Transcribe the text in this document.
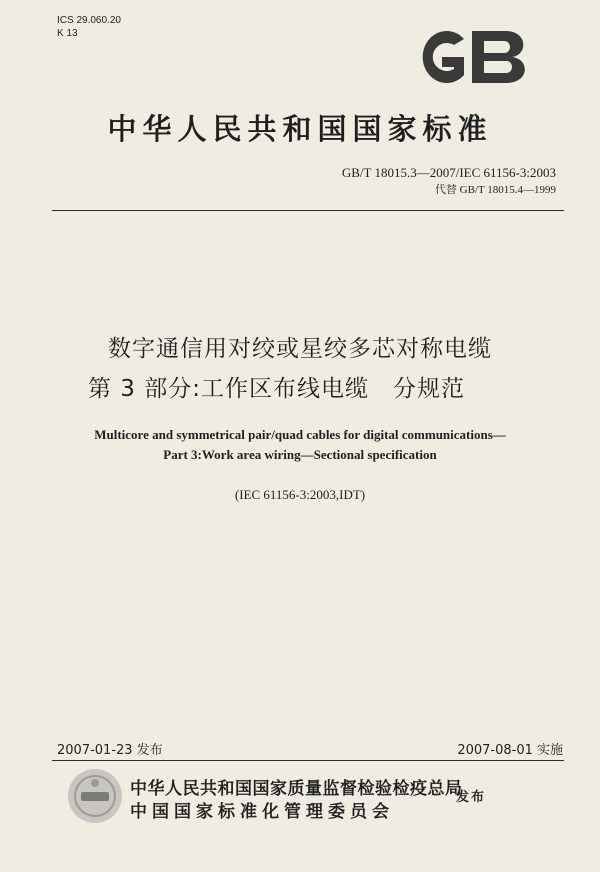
ICS 29.060.20
K 13
中华人民共和国国家标准
GB/T 18015.3—2007/IEC 61156-3:2003
代替 GB/T 18015.4—1999
数字通信用对绞或星绞多芯对称电缆
第 3 部分:工作区布线电缆　分规范
Multicore and symmetrical pair/quad cables for digital communications—
Part 3:Work area wiring—Sectional specification
(IEC 61156-3:2003,IDT)
2007-01-23 发布	2007-08-01 实施
中华人民共和国国家质量监督检验检疫总局
中国国家标准化管理委员会
发布
